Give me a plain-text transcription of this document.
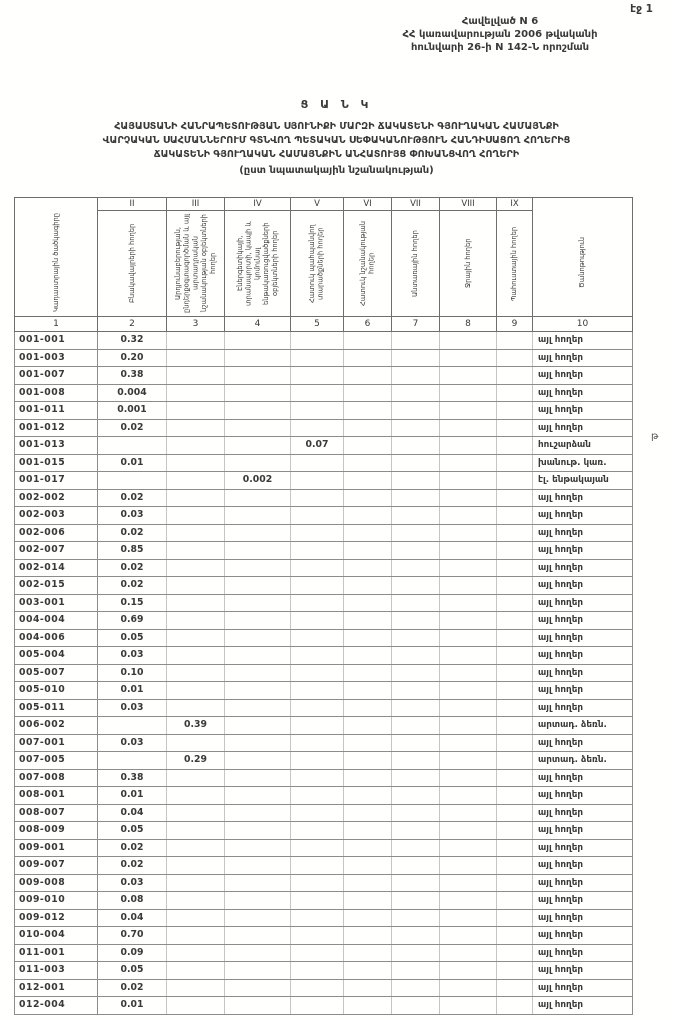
էջ 1
Հավելված N 6
ՀՀ կառավարության 2006 թվականի
հունվարի 26-ի N 142-Ն որոշման
Ց Ա Ն Կ
ՀԱՅԱՍՏԱՆԻ ՀԱՆՐԱՊԵՏՈՒԹՅԱՆ ՍՅՈՒՆԻՔԻ ՄԱՐԶԻ ՃԱԿԱՏԵՆԻ ԳՅՈՒՂԱԿԱՆ ՀԱՄԱՅՆՔԻ
ՎԱՐՉԱԿԱՆ ՍԱՀՄԱՆՆԵՐՈՒՄ ԳՏՆՎՈՂ ՊԵՏԱԿԱՆ ՍԵՓԱԿԱՆՈՒԹՅՈՒՆ ՀԱՆԴԻՍԱՑՈՂ ՀՈՂԵՐԻՑ
ՃԱԿԱՏԵՆԻ ԳՅՈՒՂԱԿԱՆ ՀԱՄԱՅՆՔԻՆ ԱՆՀԱՏՈՒՅՑ ՓՈԽԱՆՑՎՈՂ ՀՈՂԵՐԻ
(ըստ նպատակային նշանակության)
Կադաստրային ծածկագիրը

II
Բնակավայրերի հողեր

III
Արդյունաբերության, ընդերքօգտագործման և այլ արտադրական նշանակության օբյեկտների հողեր

IV
Էներգետիկայի, տրանսպորտի, կապի և կոմունալ ենթակառուցվածքների օբյեկտների հողեր

V
Հատուկ պահպանվող տարածքների հողեր

VI
Հատուկ նշանակության հողեր

VII
Անտառային հողեր

VIII
Ջրային հողեր

IX
Պահուստային հողեր	Ծանոթություն

1	2	3	4	5	6	7	8	9	10
001-001	0.32								այլ հողեր
001-003	0.20								այլ հողեր
001-007	0.38								այլ հողեր
001-008	0.004								այլ հողեր
001-011	0.001								այլ հողեր
001-012	0.02								այլ հողեր
001-013				0.07					հուշարձան
001-015	0.01								խանութ. կառ.
001-017			0.002						էլ. ենթակայան
002-002	0.02								այլ հողեր
002-003	0.03								այլ հողեր
002-006	0.02								այլ հողեր
002-007	0.85								այլ հողեր
002-014	0.02								այլ հողեր
002-015	0.02								այլ հողեր
003-001	0.15								այլ հողեր
004-004	0.69								այլ հողեր
004-006	0.05								այլ հողեր
005-004	0.03								այլ հողեր
005-007	0.10								այլ հողեր
005-010	0.01								այլ հողեր
005-011	0.03								այլ հողեր
006-002		0.39							արտադ. ձեռն.
007-001	0.03								այլ հողեր
007-005		0.29							արտադ. ձեռն.
007-008	0.38								այլ հողեր
008-001	0.01								այլ հողեր
008-007	0.04								այլ հողեր
008-009	0.05								այլ հողեր
009-001	0.02								այլ հողեր
009-007	0.02								այլ հողեր
009-008	0.03								այլ հողեր
009-010	0.08								այլ հողեր
009-012	0.04								այլ հողեր
010-004	0.70								այլ հողեր
011-001	0.09								այլ հողեր
011-003	0.05								այլ հողեր
012-001	0.02								այլ հողեր
012-004	0.01								այլ հողեր
թ
